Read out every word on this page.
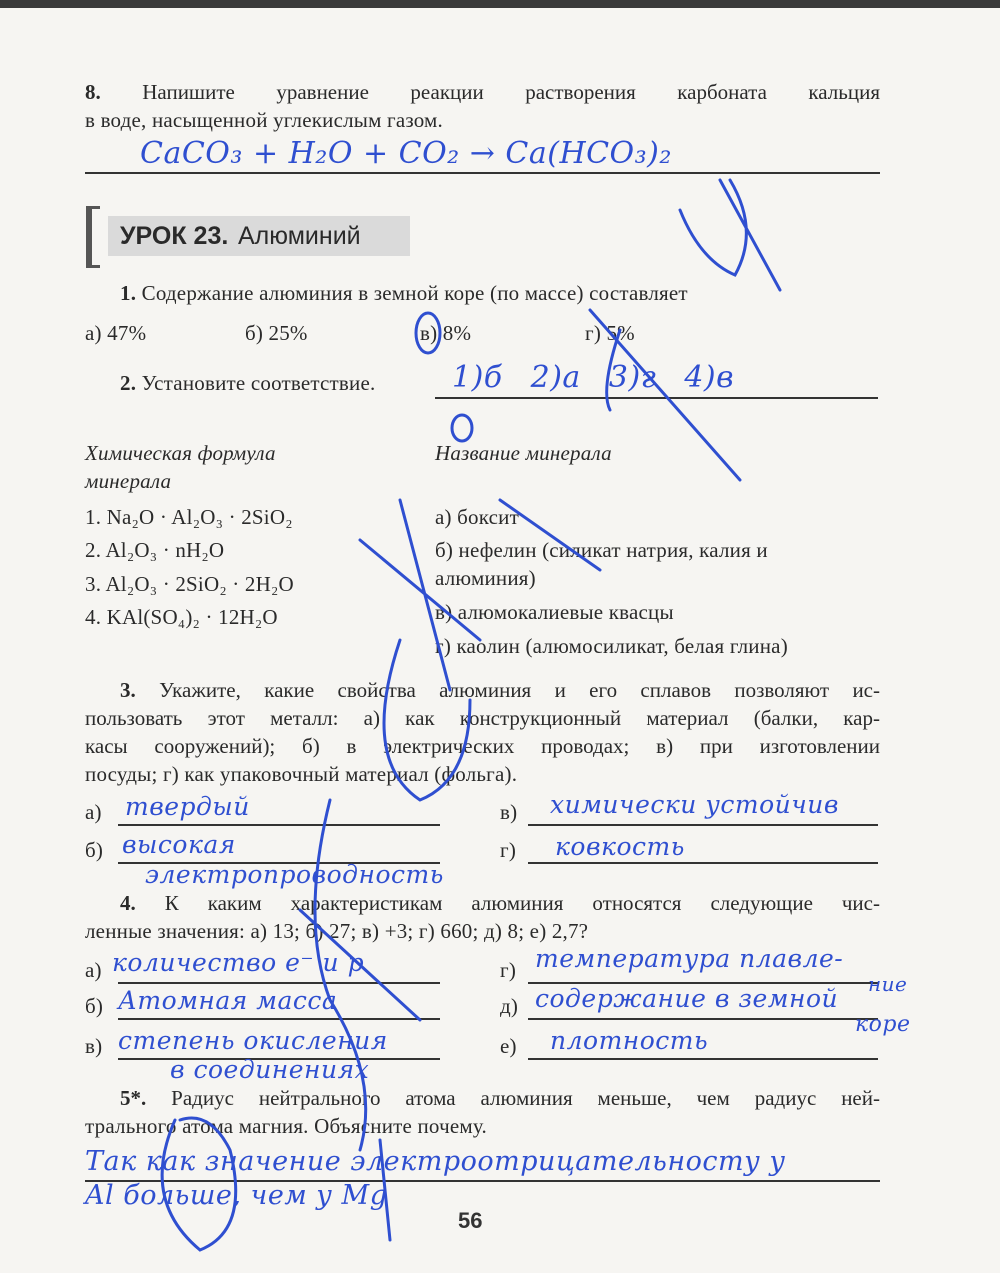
8. Напишите уравнение реакции растворения карбоната кальция
в воде, насыщенной углекислым газом.
CaCO₃ + H₂O + CO₂ → Ca(HCO₃)₂
УРОК 23. Алюминий
1. Содержание алюминия в земной коре (по массе) составляет
а) 47%	б) 25%	в) 8%	г) 5%
2. Установите соответствие.	1)б 2)а 3)г 4)в
Химическая формула
минерала
Название минерала
1. Na₂O · Al₂O₃ · 2SiO₂
2. Al₂O₃ · nH₂O
3. Al₂O₃ · 2SiO₂ · 2H₂O
4. KAl(SO₄)₂ · 12H₂O
а) боксит
б) нефелин (силикат натрия, калия и
алюминия)
в) алюмокалиевые квасцы
г) каолин (алюмосиликат, белая глина)
3. Укажите, какие свойства алюминия и его сплавов позволяют ис-
пользовать этот металл: а) как конструкционный материал (балки, кар-
касы сооружений); б) в электрических проводах; в) при изготовлении
посуды; г) как упаковочный материал (фольга).
а) твердый
б) высокая
электропроводность
в) химически устойчив
г) ковкость
4. К каким характеристикам алюминия относятся следующие чис-
ленные значения: а) 13; б) 27; в) +3; г) 660; д) 8; е) 2,7?
а) количество e⁻ и p
б) Атомная масса
в) степень окисления
в соединениях
г) температура плавле-
ние
д) содержание в земной
коре
е) плотность
5*. Радиус нейтрального атома алюминия меньше, чем радиус ней-
трального атома магния. Объясните почему.
Так как значение электроотрицательносту у
Al больше, чем у Mg
56
